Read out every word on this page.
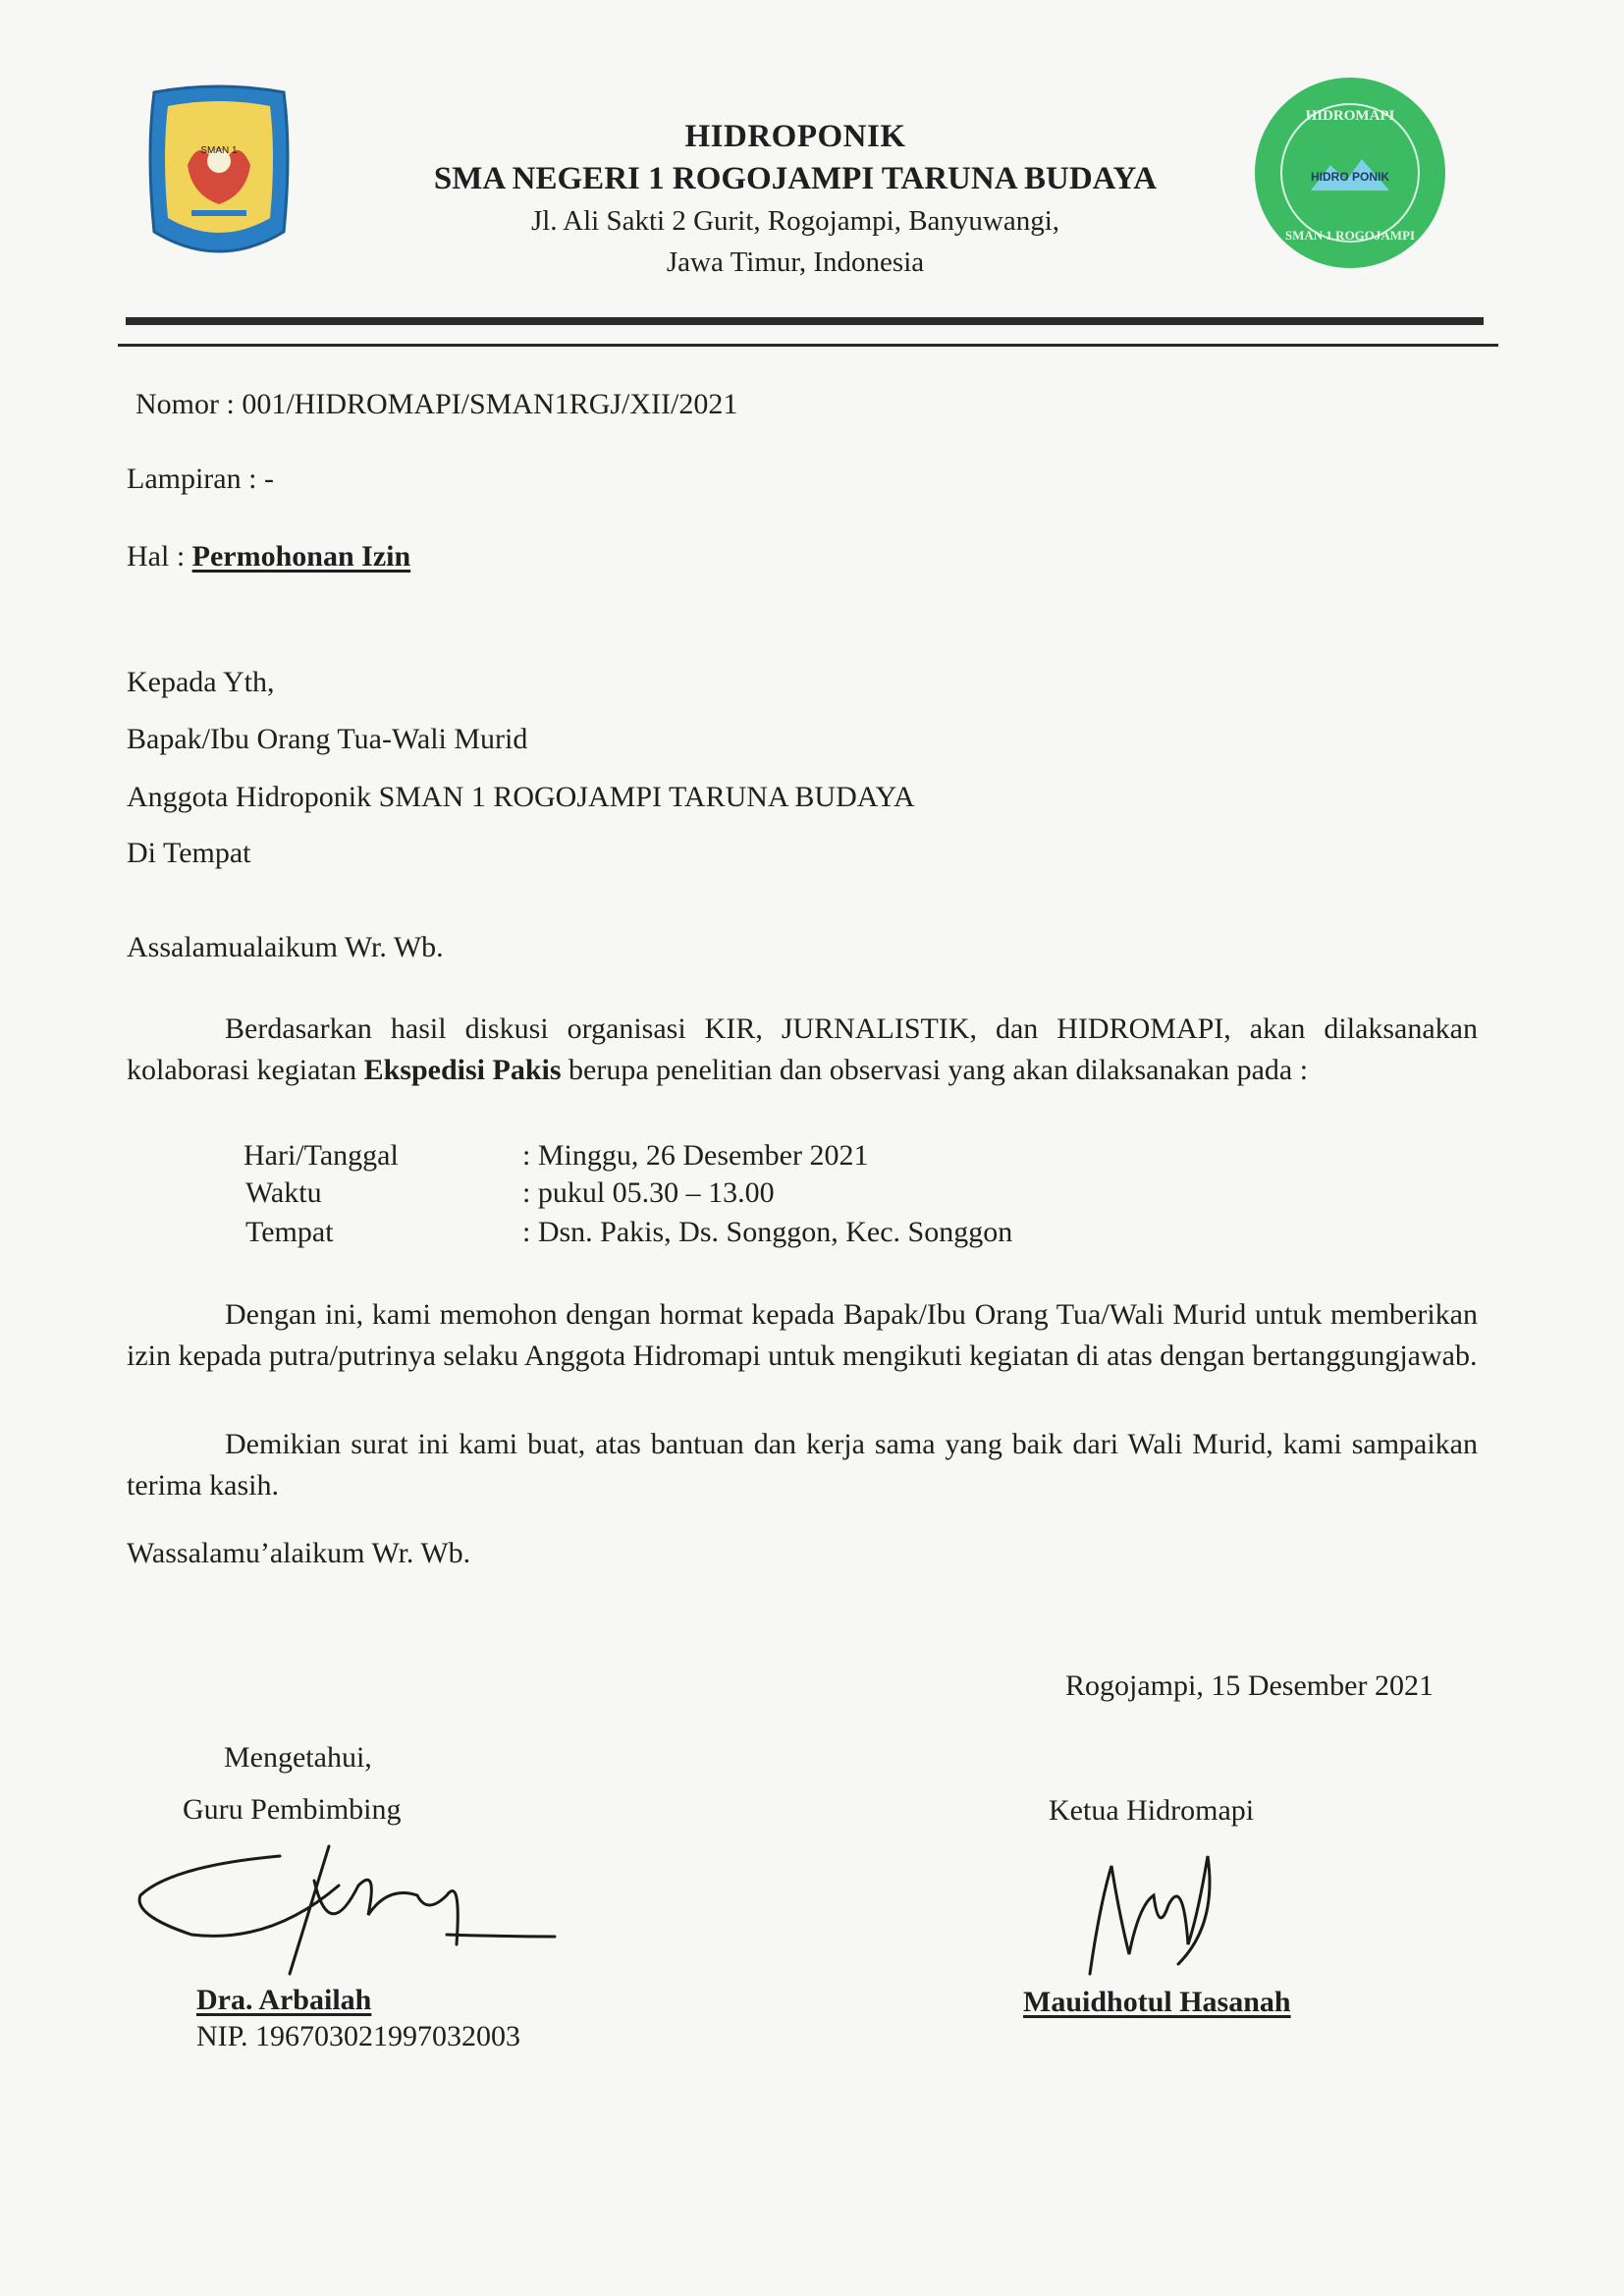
SMAN 1
HIDROMAPI
HIDRO PONIK
SMAN 1 ROGOJAMPI
HIDROPONIK
SMA NEGERI 1 ROGOJAMPI TARUNA BUDAYA
Jl. Ali Sakti 2 Gurit, Rogojampi, Banyuwangi,
Jawa Timur, Indonesia
Nomor : 001/HIDROMAPI/SMAN1RGJ/XII/2021
Lampiran : -
Hal : Permohonan Izin
Kepada Yth,
Bapak/Ibu Orang Tua-Wali Murid
Anggota Hidroponik SMAN 1 ROGOJAMPI TARUNA BUDAYA
Di Tempat
Assalamualaikum Wr. Wb.

Berdasarkan hasil diskusi organisasi KIR, JURNALISTIK, dan HIDROMAPI, akan dilaksanakan kolaborasi kegiatan Ekspedisi Pakis berupa penelitian dan observasi yang akan dilaksanakan pada :

Hari/Tanggal	: Minggu, 26 Desember 2021
Waktu	: pukul 05.30 – 13.00
Tempat	: Dsn. Pakis, Ds. Songgon, Kec. Songgon

Dengan ini, kami memohon dengan hormat kepada Bapak/Ibu Orang Tua/Wali Murid untuk memberikan izin kepada putra/putrinya selaku Anggota Hidromapi untuk mengikuti kegiatan di atas dengan bertanggungjawab.

Demikian surat ini kami buat, atas bantuan dan kerja sama yang baik dari Wali Murid, kami sampaikan terima kasih.

Wassalamu’alaikum Wr. Wb.
Rogojampi, 15 Desember 2021
Mengetahui,
Guru Pembimbing
Dra. Arbailah
NIP. 196703021997032003
Ketua Hidromapi
Mauidhotul Hasanah
